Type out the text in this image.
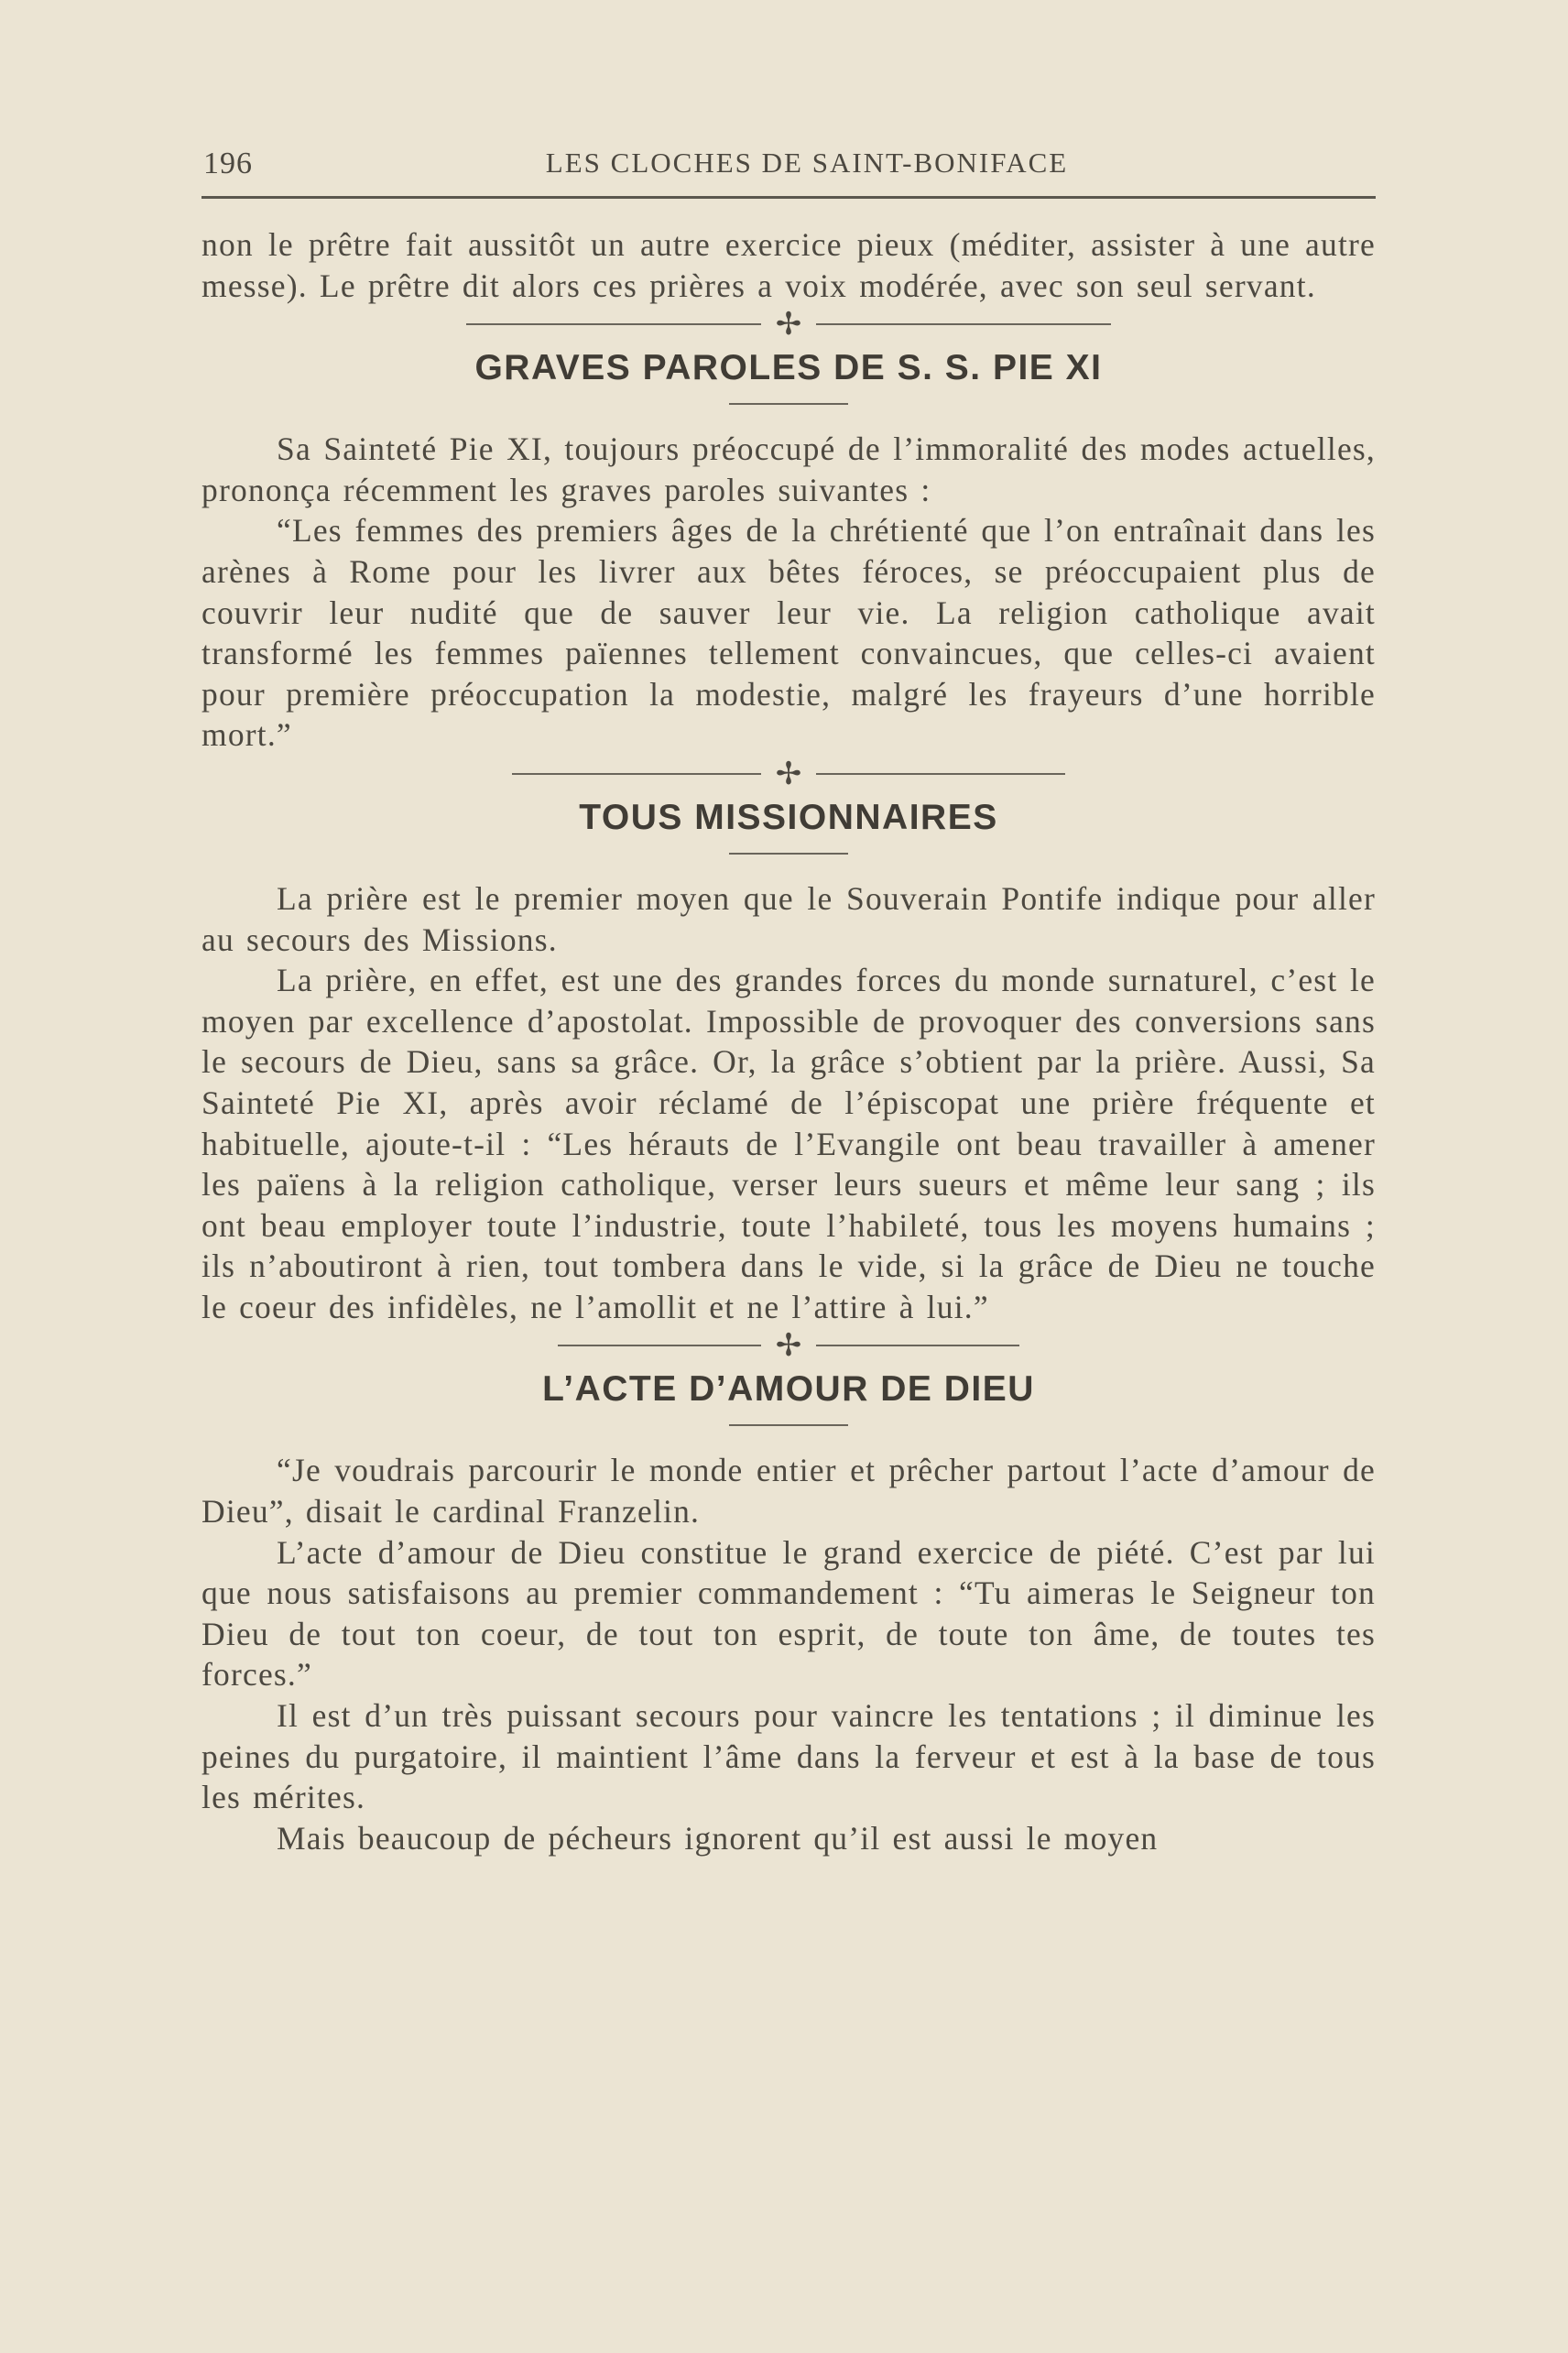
196	LES CLOCHES DE SAINT-BONIFACE

non le prêtre fait aussitôt un autre exercice pieux (méditer, assister à une autre messe). Le prêtre dit alors ces prières a voix modérée, avec son seul servant.

✢
GRAVES PAROLES DE S. S. PIE XI

Sa Sainteté Pie XI, toujours préoccupé de l’immoralité des modes actuelles, prononça récemment les graves paroles suivantes :

“Les femmes des premiers âges de la chrétienté que l’on entraînait dans les arènes à Rome pour les livrer aux bêtes féroces, se préoccupaient plus de couvrir leur nudité que de sauver leur vie. La religion catholique avait transformé les femmes païennes tellement convaincues, que celles-ci avaient pour première préoccupation la modestie, malgré les frayeurs d’une horrible mort.”

✢
TOUS MISSIONNAIRES

La prière est le premier moyen que le Souverain Pontife indique pour aller au secours des Missions.

La prière, en effet, est une des grandes forces du monde surnaturel, c’est le moyen par excellence d’apostolat. Impossible de provoquer des conversions sans le secours de Dieu, sans sa grâce. Or, la grâce s’obtient par la prière. Aussi, Sa Sainteté Pie XI, après avoir réclamé de l’épiscopat une prière fréquente et habituelle, ajoute-t-il : “Les hérauts de l’Evangile ont beau travailler à amener les païens à la religion catholique, verser leurs sueurs et même leur sang ; ils ont beau employer toute l’industrie, toute l’habileté, tous les moyens humains ; ils n’aboutiront à rien, tout tombera dans le vide, si la grâce de Dieu ne touche le coeur des infidèles, ne l’amollit et ne l’attire à lui.”

✢
L’ACTE D’AMOUR DE DIEU

“Je voudrais parcourir le monde entier et prêcher partout l’acte d’amour de Dieu”, disait le cardinal Franzelin.

L’acte d’amour de Dieu constitue le grand exercice de piété. C’est par lui que nous satisfaisons au premier commandement : “Tu aimeras le Seigneur ton Dieu de tout ton coeur, de tout ton esprit, de toute ton âme, de toutes tes forces.”

Il est d’un très puissant secours pour vaincre les tentations ; il diminue les peines du purgatoire, il maintient l’âme dans la ferveur et est à la base de tous les mérites.

Mais beaucoup de pécheurs ignorent qu’il est aussi le moyen
